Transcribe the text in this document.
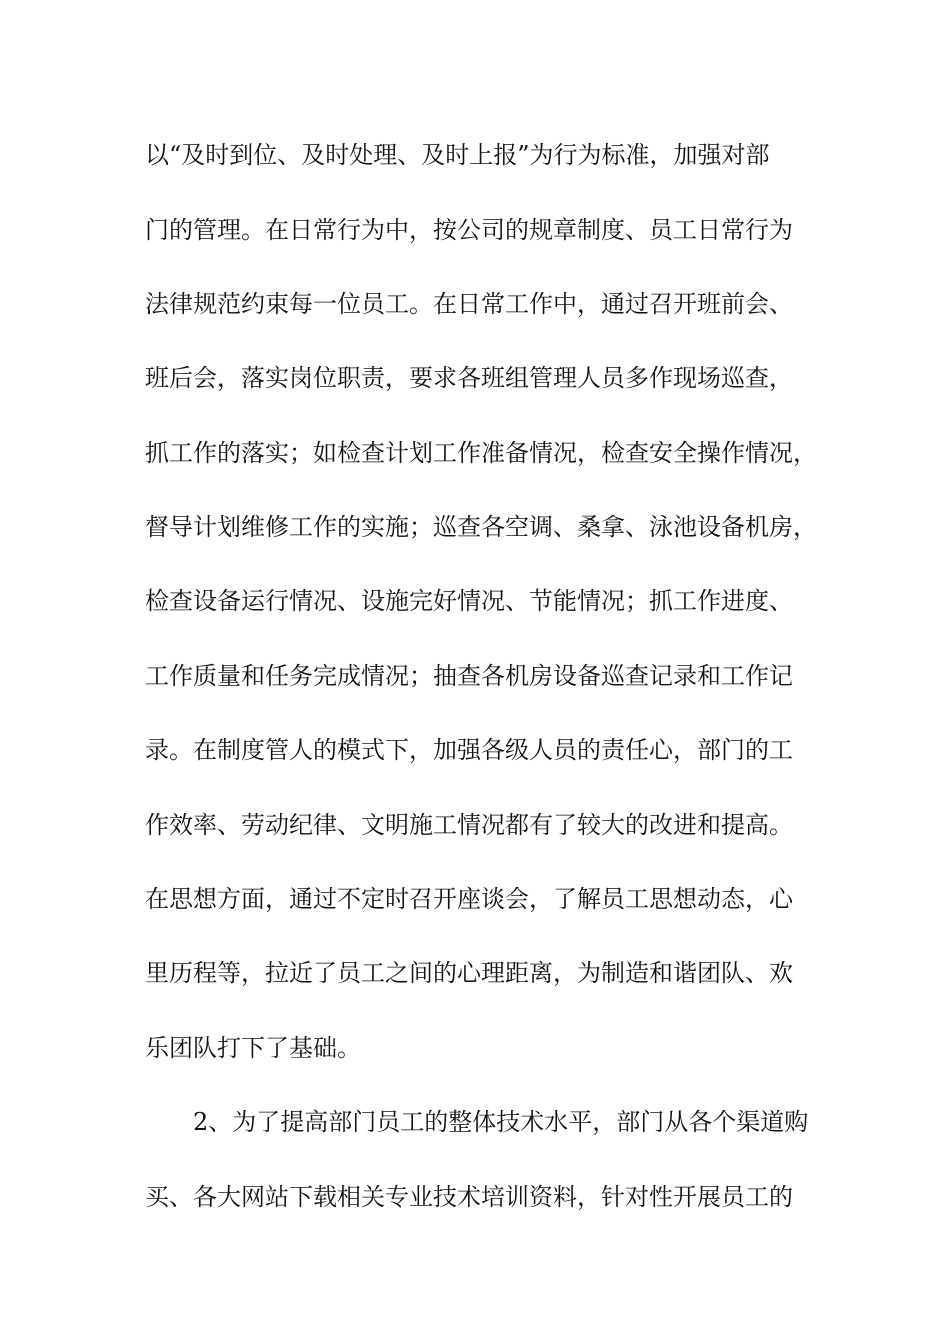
以“及时到位、及时处理、及时上报”为行为标准，加强对部
门的管理。在日常行为中，按公司的规章制度、员工日常行为
法律规范约束每一位员工。在日常工作中，通过召开班前会、
班后会，落实岗位职责，要求各班组管理人员多作现场巡查，
抓工作的落实；如检查计划工作准备情况，检查安全操作情况，
督导计划维修工作的实施；巡查各空调、桑拿、泳池设备机房，
检查设备运行情况、设施完好情况、节能情况；抓工作进度、
工作质量和任务完成情况；抽查各机房设备巡查记录和工作记
录。在制度管人的模式下，加强各级人员的责任心，部门的工
作效率、劳动纪律、文明施工情况都有了较大的改进和提高。
在思想方面，通过不定时召开座谈会，了解员工思想动态，心
里历程等，拉近了员工之间的心理距离，为制造和谐团队、欢
乐团队打下了基础。
2、为了提高部门员工的整体技术水平，部门从各个渠道购
买、各大网站下载相关专业技术培训资料，针对性开展员工的
